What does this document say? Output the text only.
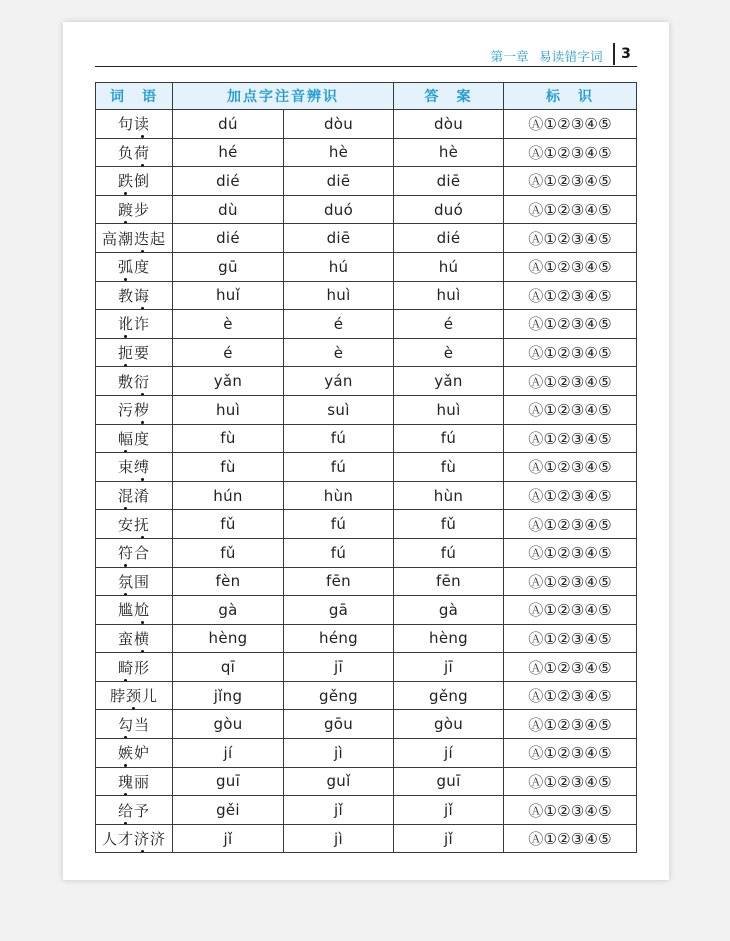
第一章 易读错字词	3
词　语	加点字注音辨识		答　案	标　识
句读	dú	dòu	dòu	Ⓐ①②③④⑤
负荷	hé	hè	hè	Ⓐ①②③④⑤
跌倒	dié	diē	diē	Ⓐ①②③④⑤
踱步	dù	duó	duó	Ⓐ①②③④⑤
高潮迭起	dié	diē	dié	Ⓐ①②③④⑤
弧度	gū	hú	hú	Ⓐ①②③④⑤
教诲	huǐ	huì	huì	Ⓐ①②③④⑤
讹诈	è	é	é	Ⓐ①②③④⑤
扼要	é	è	è	Ⓐ①②③④⑤
敷衍	yǎn	yán	yǎn	Ⓐ①②③④⑤
污秽	huì	suì	huì	Ⓐ①②③④⑤
幅度	fù	fú	fú	Ⓐ①②③④⑤
束缚	fù	fú	fù	Ⓐ①②③④⑤
混淆	hún	hùn	hùn	Ⓐ①②③④⑤
安抚	fǔ	fú	fǔ	Ⓐ①②③④⑤
符合	fǔ	fú	fú	Ⓐ①②③④⑤
氛围	fèn	fēn	fēn	Ⓐ①②③④⑤
尴尬	gà	gā	gà	Ⓐ①②③④⑤
蛮横	hèng	héng	hèng	Ⓐ①②③④⑤
畸形	qī	jī	jī	Ⓐ①②③④⑤
脖颈儿	jǐng	gěng	gěng	Ⓐ①②③④⑤
勾当	gòu	gōu	gòu	Ⓐ①②③④⑤
嫉妒	jí	jì	jí	Ⓐ①②③④⑤
瑰丽	guī	guǐ	guī	Ⓐ①②③④⑤
给予	gěi	jǐ	jǐ	Ⓐ①②③④⑤
人才济济	jǐ	jì	jǐ	Ⓐ①②③④⑤
